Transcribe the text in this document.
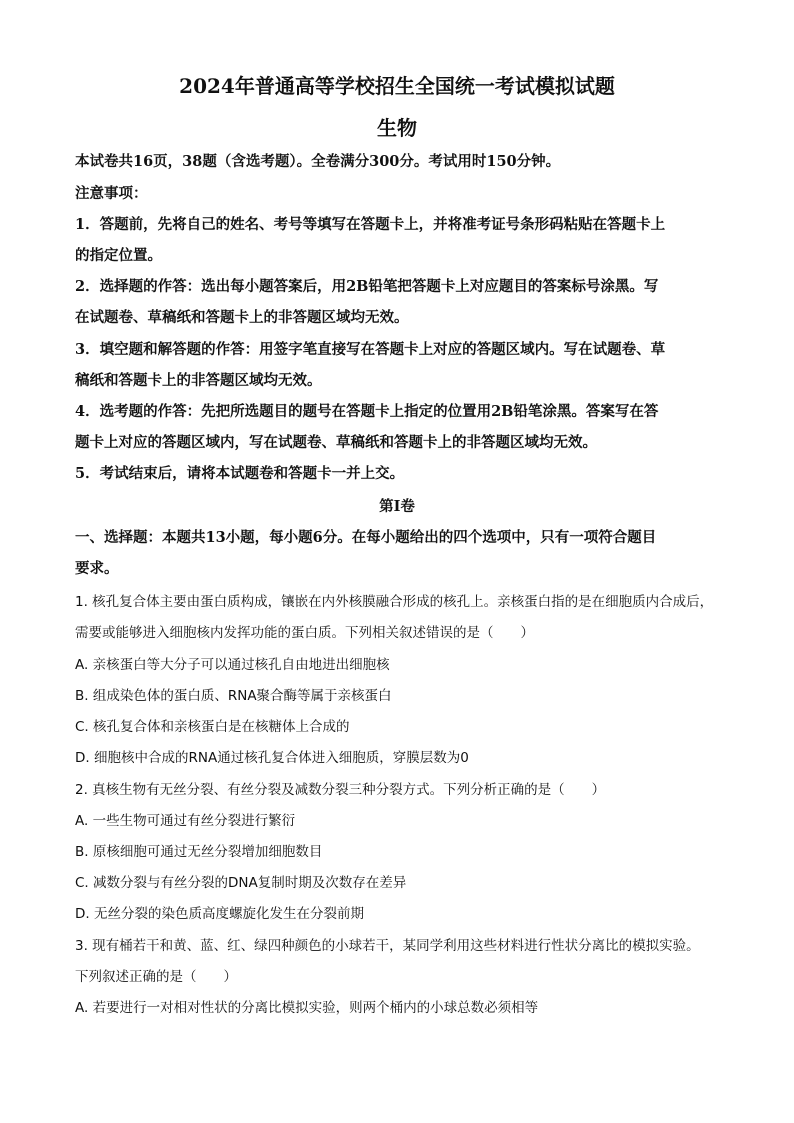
2024年普通高等学校招生全国统一考试模拟试题
生物
本试卷共16页，38题（含选考题）。全卷满分300分。考试用时150分钟。
注意事项：
1．答题前，先将自己的姓名、考号等填写在答题卡上，并将准考证号条形码粘贴在答题卡上
的指定位置。
2．选择题的作答：选出每小题答案后，用2B铅笔把答题卡上对应题目的答案标号涂黑。写
在试题卷、草稿纸和答题卡上的非答题区域均无效。
3．填空题和解答题的作答：用签字笔直接写在答题卡上对应的答题区域内。写在试题卷、草
稿纸和答题卡上的非答题区域均无效。
4．选考题的作答：先把所选题目的题号在答题卡上指定的位置用2B铅笔涂黑。答案写在答
题卡上对应的答题区域内，写在试题卷、草稿纸和答题卡上的非答题区域均无效。
5．考试结束后，请将本试题卷和答题卡一并上交。
第I卷
一、选择题：本题共13小题，每小题6分。在每小题给出的四个选项中，只有一项符合题目
要求。
1. 核孔复合体主要由蛋白质构成，镶嵌在内外核膜融合形成的核孔上。亲核蛋白指的是在细胞质内合成后，
需要或能够进入细胞核内发挥功能的蛋白质。下列相关叙述错误的是（　　）
A. 亲核蛋白等大分子可以通过核孔自由地进出细胞核
B. 组成染色体的蛋白质、RNA聚合酶等属于亲核蛋白
C. 核孔复合体和亲核蛋白是在核糖体上合成的
D. 细胞核中合成的RNA通过核孔复合体进入细胞质，穿膜层数为0
2. 真核生物有无丝分裂、有丝分裂及减数分裂三种分裂方式。下列分析正确的是（　　）
A. 一些生物可通过有丝分裂进行繁衍
B. 原核细胞可通过无丝分裂增加细胞数目
C. 减数分裂与有丝分裂的DNA复制时期及次数存在差异
D. 无丝分裂的染色质高度螺旋化发生在分裂前期
3. 现有桶若干和黄、蓝、红、绿四种颜色的小球若干，某同学利用这些材料进行性状分离比的模拟实验。
下列叙述正确的是（　　）
A. 若要进行一对相对性状的分离比模拟实验，则两个桶内的小球总数必须相等
